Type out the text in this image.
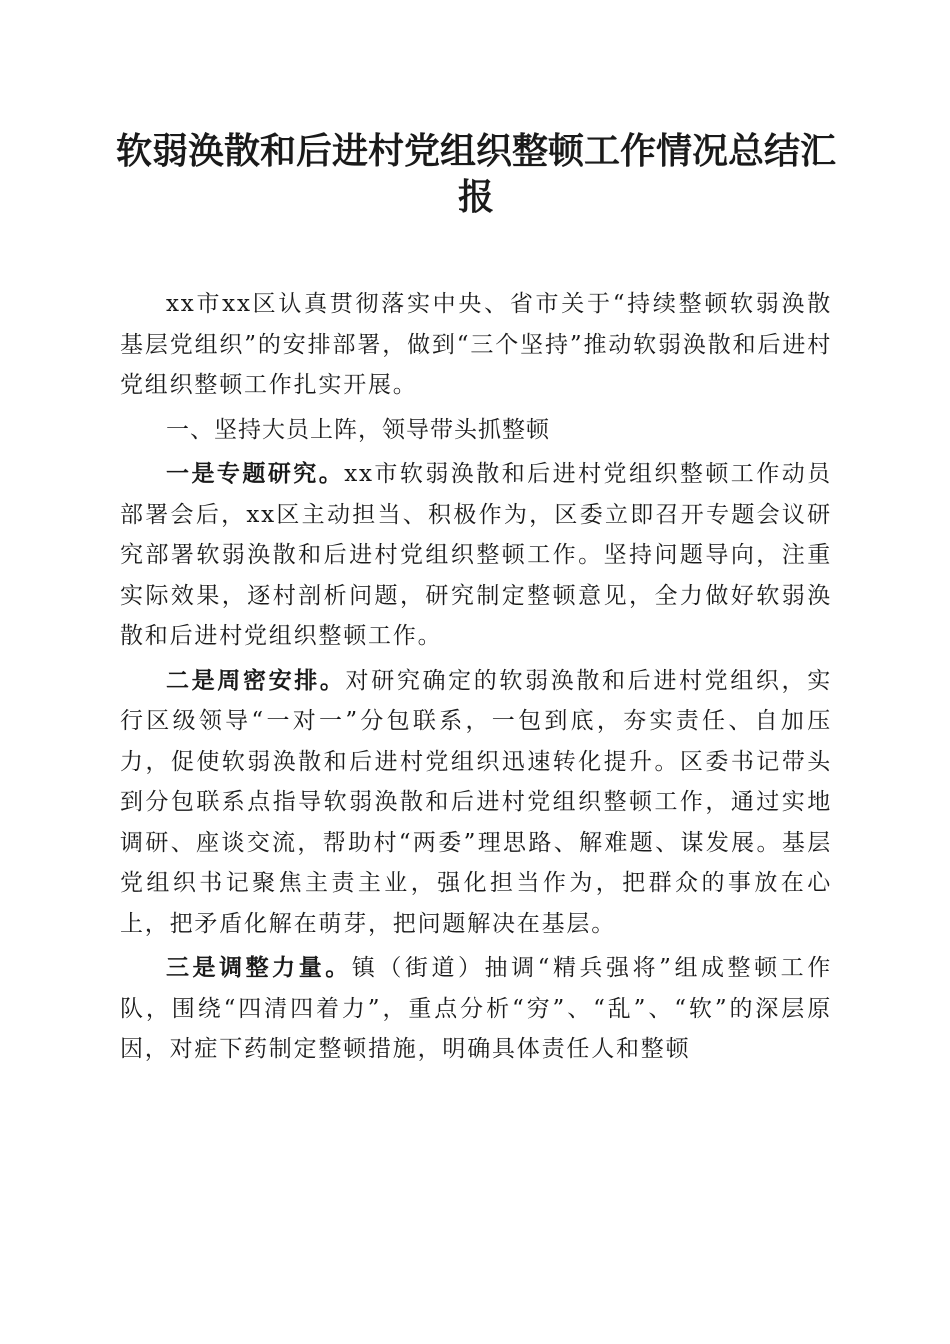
软弱涣散和后进村党组织整顿工作情况总结汇报

xx市xx区认真贯彻落实中央、省市关于“持续整顿软弱涣散基层党组织”的安排部署，做到“三个坚持”推动软弱涣散和后进村党组织整顿工作扎实开展。

一、坚持大员上阵，领导带头抓整顿

一是专题研究。xx市软弱涣散和后进村党组织整顿工作动员部署会后，xx区主动担当、积极作为，区委立即召开专题会议研究部署软弱涣散和后进村党组织整顿工作。坚持问题导向，注重实际效果，逐村剖析问题，研究制定整顿意见，全力做好软弱涣散和后进村党组织整顿工作。

二是周密安排。对研究确定的软弱涣散和后进村党组织，实行区级领导“一对一”分包联系，一包到底，夯实责任、自加压力，促使软弱涣散和后进村党组织迅速转化提升。区委书记带头到分包联系点指导软弱涣散和后进村党组织整顿工作，通过实地调研、座谈交流，帮助村“两委”理思路、解难题、谋发展。基层党组织书记聚焦主责主业，强化担当作为，把群众的事放在心上，把矛盾化解在萌芽，把问题解决在基层。

三是调整力量。镇（街道）抽调“精兵强将”组成整顿工作队，围绕“四清四着力”，重点分析“穷”、“乱”、“软”的深层原因，对症下药制定整顿措施，明确具体责任人和整顿
